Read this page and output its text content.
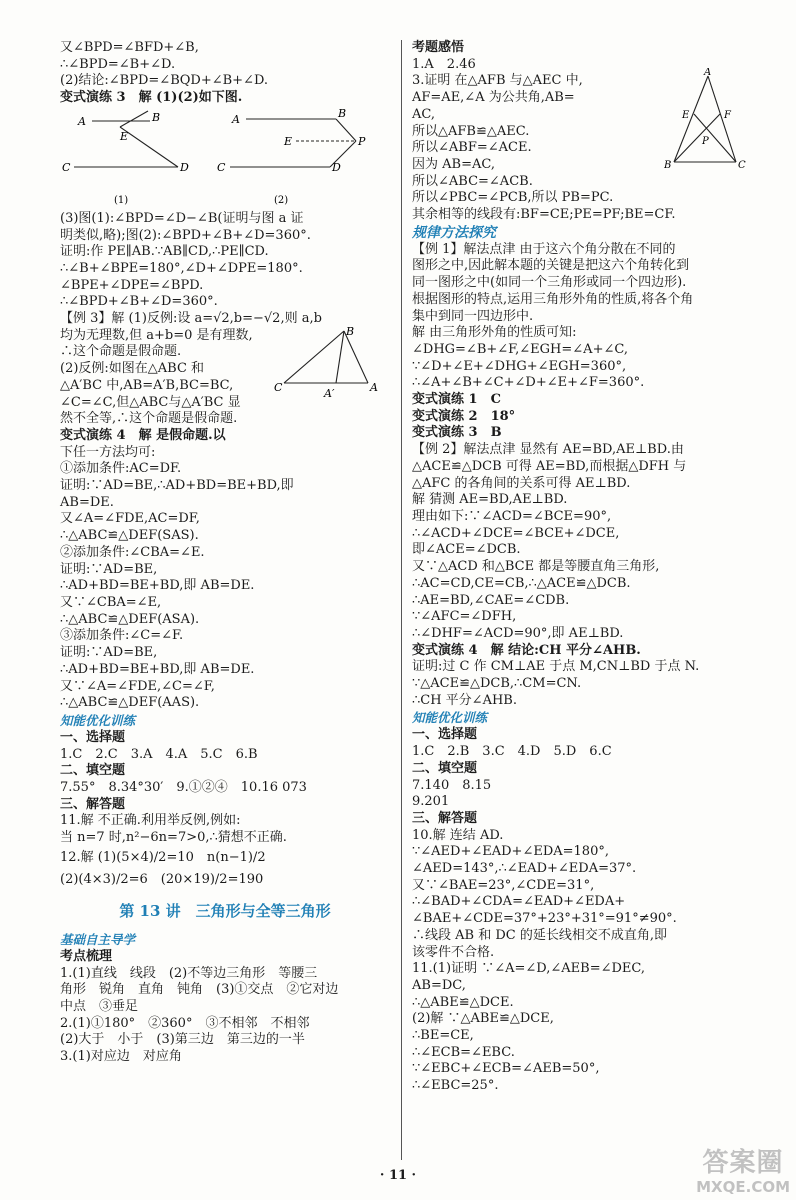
又∠BPD=∠BFD+∠B,
∴∠BPD=∠B+∠D.
(2)结论:∠BPD=∠BQD+∠B+∠D.
变式演练 3　解 (1)(2)如下图.
A	B
E
C	D
(1)
A	B
E	P
C	D
(2)
(3)图(1):∠BPD=∠D−∠B(证明与图 a 证
明类似,略);图(2):∠BPD+∠B+∠D=360°.
证明:作 PE∥AB.∵AB∥CD,∴PE∥CD.
∴∠B+∠BPE=180°,∠D+∠DPE=180°.
∠BPE+∠DPE=∠BPD.
∴∠BPD+∠B+∠D=360°.
【例 3】解 (1)反例:设 a=√2,b=−√2,则 a,b
均为无理数,但 a+b=0 是有理数,
∴这个命题是假命题.
(2)反例:如图在△ABC 和
△A′BC 中,AB=A′B,BC=BC,
∠C=∠C,但△ABC与△A′BC 显
然不全等,∴这个命题是假命题.
B
C	A′	A
变式演练 4　解 是假命题.以
下任一方法均可:
①添加条件:AC=DF.
证明:∵AD=BE,∴AD+BD=BE+BD,即
AB=DE.
又∠A=∠FDE,AC=DF,
∴△ABC≌△DEF(SAS).
②添加条件:∠CBA=∠E.
证明:∵AD=BE,
∴AD+BD=BE+BD,即 AB=DE.
又∵∠CBA=∠E,
∴△ABC≌△DEF(ASA).
③添加条件:∠C=∠F.
证明:∵AD=BE,
∴AD+BD=BE+BD,即 AB=DE.
又∵∠A=∠FDE,∠C=∠F,
∴△ABC≌△DEF(AAS).
知能优化训练
一、选择题
1.C　2.C　3.A　4.A　5.C　6.B
二、填空题
7.55°　8.34°30′　9.①②④　10.16 073
三、解答题
11.解 不正确.利用举反例,例如:
当 n=7 时,n²−6n=7>0,∴猜想不正确.
12.解 (1)(5×4)/2=10　n(n−1)/2
(2)(4×3)/2=6　(20×19)/2=190
第 13 讲　三角形与全等三角形
基础自主导学
考点梳理
1.(1)直线　线段　(2)不等边三角形　等腰三
角形　锐角　直角　钝角　(3)①交点　②它对边
中点　③垂足
2.(1)①180°　②360°　③不相邻　不相邻
(2)大于　小于　(3)第三边　第三边的一半
3.(1)对应边　对应角
考题感悟
1.A　2.46
3.证明 在△AFB 与△AEC 中,
AF=AE,∠A 为公共角,AB=
AC,
所以△AFB≌△AEC.
所以∠ABF=∠ACE.
因为 AB=AC,
所以∠ABC=∠ACB.
所以∠PBC=∠PCB,所以 PB=PC.
其余相等的线段有:BF=CE;PE=PF;BE=CF.
A
E	F
P
B	C
规律方法探究
【例 1】解法点津 由于这六个角分散在不同的
图形之中,因此解本题的关键是把这六个角转化到
同一图形之中(如同一个三角形或同一个四边形).
根据图形的特点,运用三角形外角的性质,将各个角
集中到同一四边形中.
解 由三角形外角的性质可知:
∠DHG=∠B+∠F,∠EGH=∠A+∠C,
∵∠D+∠E+∠DHG+∠EGH=360°,
∴∠A+∠B+∠C+∠D+∠E+∠F=360°.
变式演练 1　C
变式演练 2　18°
变式演练 3　B
【例 2】解法点津 显然有 AE=BD,AE⊥BD.由
△ACE≌△DCB 可得 AE=BD,而根据△DFH 与
△AFC 的各角间的关系可得 AE⊥BD.
解 猜测 AE=BD,AE⊥BD.
理由如下:∵∠ACD=∠BCE=90°,
∴∠ACD+∠DCE=∠BCE+∠DCE,
即∠ACE=∠DCB.
又∵△ACD 和△BCE 都是等腰直角三角形,
∴AC=CD,CE=CB,∴△ACE≌△DCB.
∴AE=BD,∠CAE=∠CDB.
∵∠AFC=∠DFH,
∴∠DHF=∠ACD=90°,即 AE⊥BD.
变式演练 4　解 结论:CH 平分∠AHB.
证明:过 C 作 CM⊥AE 于点 M,CN⊥BD 于点 N.
∵△ACE≌△DCB,∴CM=CN.
∴CH 平分∠AHB.
知能优化训练
一、选择题
1.C　2.B　3.C　4.D　5.D　6.C
二、填空题
7.140　8.15
9.201
三、解答题
10.解 连结 AD.
∵∠AED+∠EAD+∠EDA=180°,
∠AED=143°,∴∠EAD+∠EDA=37°.
又∵∠BAE=23°,∠CDE=31°,
∴∠BAD+∠CDA=∠EAD+∠EDA+
∠BAE+∠CDE=37°+23°+31°=91°≠90°.
∴线段 AB 和 DC 的延长线相交不成直角,即
该零件不合格.
11.(1)证明 ∵∠A=∠D,∠AEB=∠DEC,
AB=DC,
∴△ABE≌△DCE.
(2)解 ∵△ABE≌△DCE,
∴BE=CE,
∴∠ECB=∠EBC.
∵∠EBC+∠ECB=∠AEB=50°,
∴∠EBC=25°.
· 11 ·	答案圈
MXQE.COM
